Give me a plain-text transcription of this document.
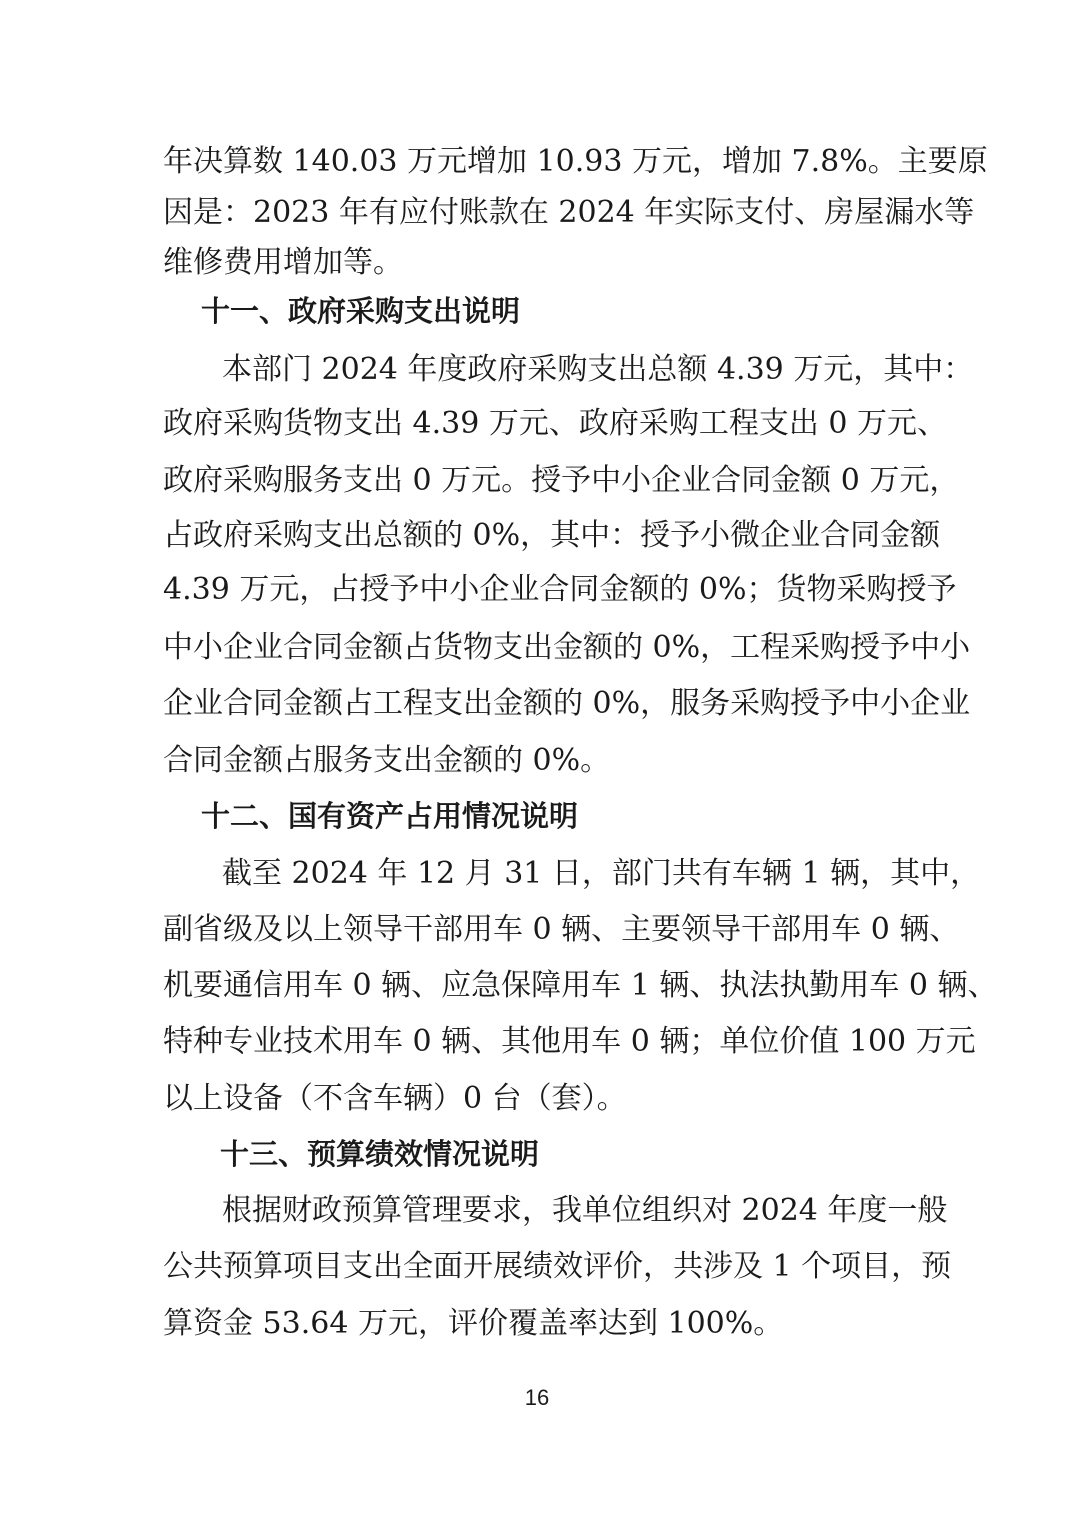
年决算数 140.03 万元增加 10.93 万元，增加 7.8%。主要原
因是：2023 年有应付账款在 2024 年实际支付、房屋漏水等
维修费用增加等。
十一、政府采购支出说明
本部门 2024 年度政府采购支出总额 4.39 万元，其中：
政府采购货物支出 4.39 万元、政府采购工程支出 0 万元、
政府采购服务支出 0 万元。授予中小企业合同金额 0 万元，
占政府采购支出总额的 0%，其中：授予小微企业合同金额
4.39 万元，占授予中小企业合同金额的 0%；货物采购授予
中小企业合同金额占货物支出金额的 0%，工程采购授予中小
企业合同金额占工程支出金额的 0%，服务采购授予中小企业
合同金额占服务支出金额的 0%。
十二、国有资产占用情况说明
截至 2024 年 12 月 31 日，部门共有车辆 1 辆，其中，
副省级及以上领导干部用车 0 辆、主要领导干部用车 0 辆、
机要通信用车 0 辆、应急保障用车 1 辆、执法执勤用车 0 辆、
特种专业技术用车 0 辆、其他用车 0 辆；单位价值 100 万元
以上设备（不含车辆）0 台（套）。
十三、预算绩效情况说明
根据财政预算管理要求，我单位组织对 2024 年度一般
公共预算项目支出全面开展绩效评价，共涉及 1 个项目，预
算资金 53.64 万元，评价覆盖率达到 100%。
16
